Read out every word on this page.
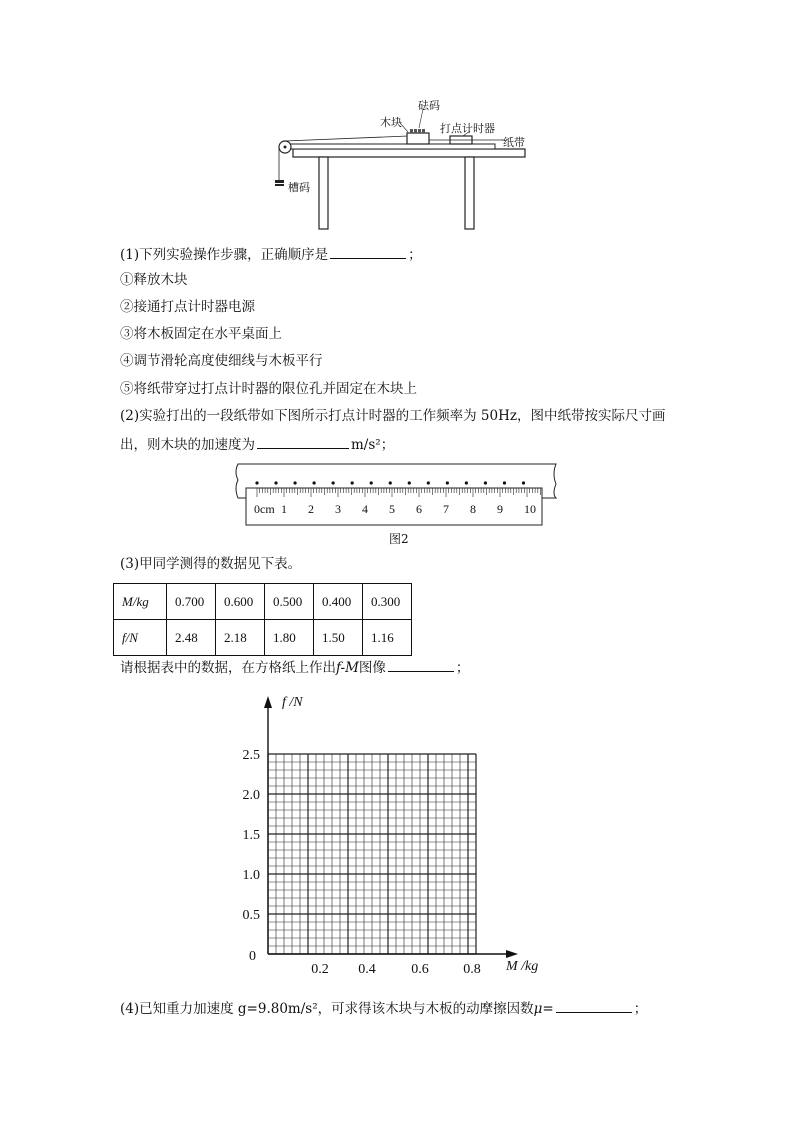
砝码
木块	打点计时器
纸带
槽码
(1)下列实验操作步骤，正确顺序是	；
①释放木块
②接通打点计时器电源
③将木板固定在水平桌面上
④调节滑轮高度使细线与木板平行
⑤将纸带穿过打点计时器的限位孔并固定在木块上
(2)实验打出的一段纸带如下图所示打点计时器的工作频率为 50Hz，图中纸带按实际尺寸画
出，则木块的加速度为	m/s²；
0cm 1 2 3 4 5 6 7 8 9 10
图2
(3)甲同学测得的数据见下表。
M/kg	0.700	0.600	0.500	0.400	0.300
f/N	2.48	2.18	1.80	1.50	1.16
请根据表中的数据，在方格纸上作出f-M图像	；
0.5
1.0
1.5
2.0
2.5
0
0.2 0.4	0.6 0.8
f /N
M /kg
(4)已知重力加速度 g=9.80m/s²，可求得该木块与木板的动摩擦因数μ=	；
